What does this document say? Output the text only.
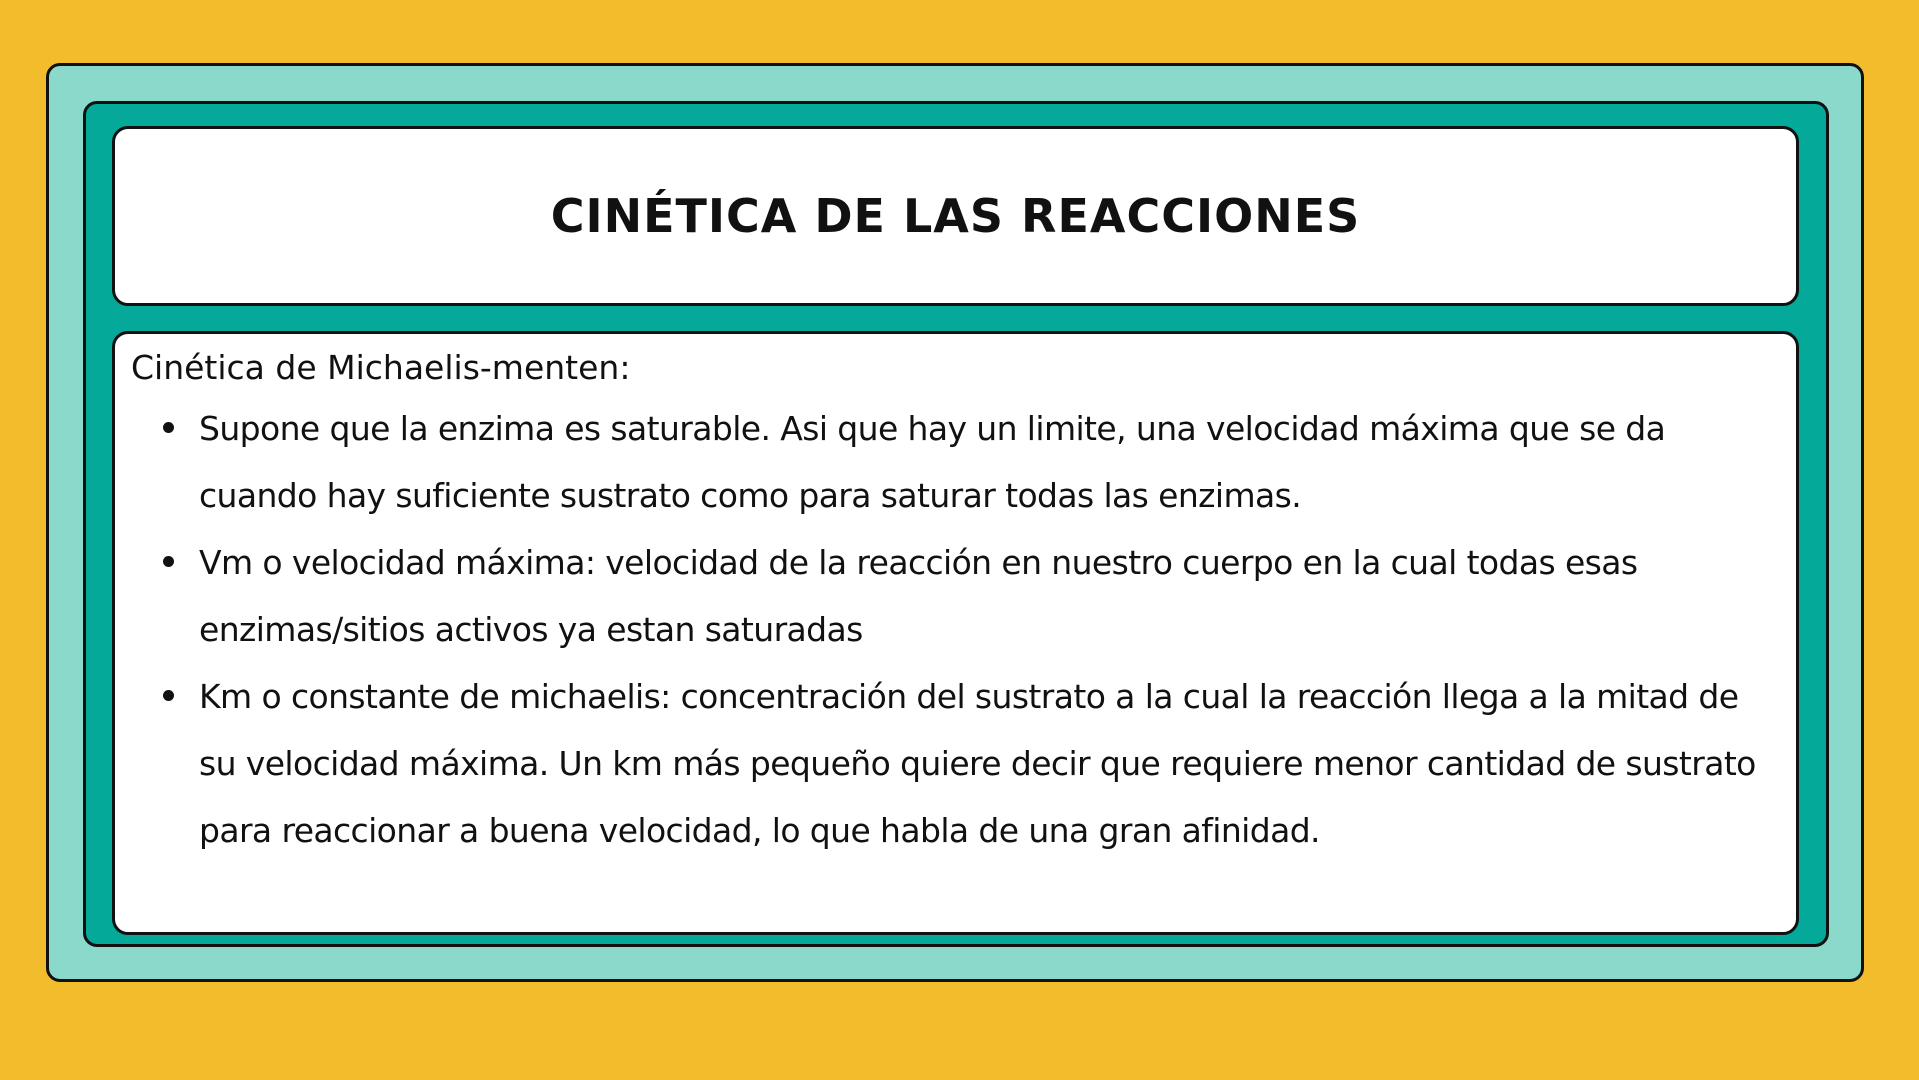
CINÉTICA DE LAS REACCIONES

Cinética de Michaelis-menten:

Supone que la enzima es saturable. Asi que hay un limite, una velocidad máxima que se da cuando hay suficiente sustrato como para saturar todas las enzimas.
Vm o velocidad máxima: velocidad de la reacción en nuestro cuerpo en la cual todas esas enzimas/sitios activos ya estan saturadas
Km o constante de michaelis: concentración del sustrato a la cual la reacción llega a la mitad de su velocidad máxima. Un km más pequeño quiere decir que requiere menor cantidad de sustrato para reaccionar a buena velocidad, lo que habla de una gran afinidad.
